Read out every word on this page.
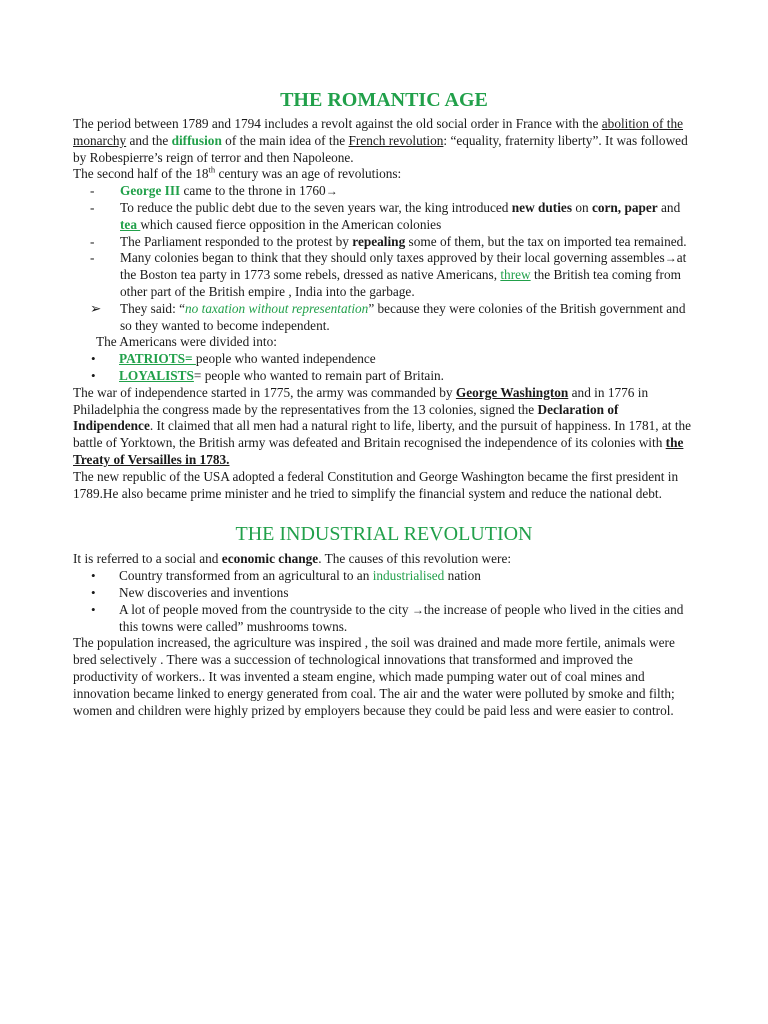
THE ROMANTIC AGE

The period between 1789 and 1794 includes a revolt against the old social order in France with the abolition of the monarchy and the diffusion of the main idea of the French revolution: “equality, fraternity liberty”. It was followed by Robespierre’s reign of terror and then Napoleone.

The second half of the 18th century was an age of revolutions:

- George III came to the throne in 1760→
- To reduce the public debt due to the seven years war, the king introduced new duties on corn, paper and tea which caused fierce opposition in the American colonies
- The Parliament responded to the protest by repealing some of them, but the tax on imported tea remained.
- Many colonies began to think that they should only taxes approved by their local governing assembles→at the Boston tea party in 1773 some rebels, dressed as native Americans, threw the British tea coming from other part of the British empire , India into the garbage.
➢ They said: “no taxation without representation” because they were colonies of the British government and so they wanted to become independent.

The Americans were divided into:

• PATRIOTS= people who wanted independence
• LOYALISTS= people who wanted to remain part of Britain.

The war of independence started in 1775, the army was commanded by George Washington and in 1776 in Philadelphia the congress made by the representatives from the 13 colonies, signed the Declaration of Indipendence. It claimed that all men had a natural right to life, liberty, and the pursuit of happiness. In 1781, at the battle of Yorktown, the British army was defeated and Britain recognised the independence of its colonies with the Treaty of Versailles in 1783.

The new republic of the USA adopted a federal Constitution and George Washington became the first president in 1789.He also became prime minister and he tried to simplify the financial system and reduce the national debt.

THE INDUSTRIAL REVOLUTION

It is referred to a social and economic change. The causes of this revolution were:

• Country transformed from an agricultural to an industrialised nation
• New discoveries and inventions
• A lot of people moved from the countryside to the city →the increase of people who lived in the cities and this towns were called” mushrooms towns.

The population increased, the agriculture was inspired , the soil was drained and made more fertile, animals were bred selectively . There was a succession of technological innovations that transformed and improved the productivity of workers.. It was invented a steam engine, which made pumping water out of coal mines and innovation became linked to energy generated from coal. The air and the water were polluted by smoke and filth; women and children were highly prized by employers because they could be paid less and were easier to control.
